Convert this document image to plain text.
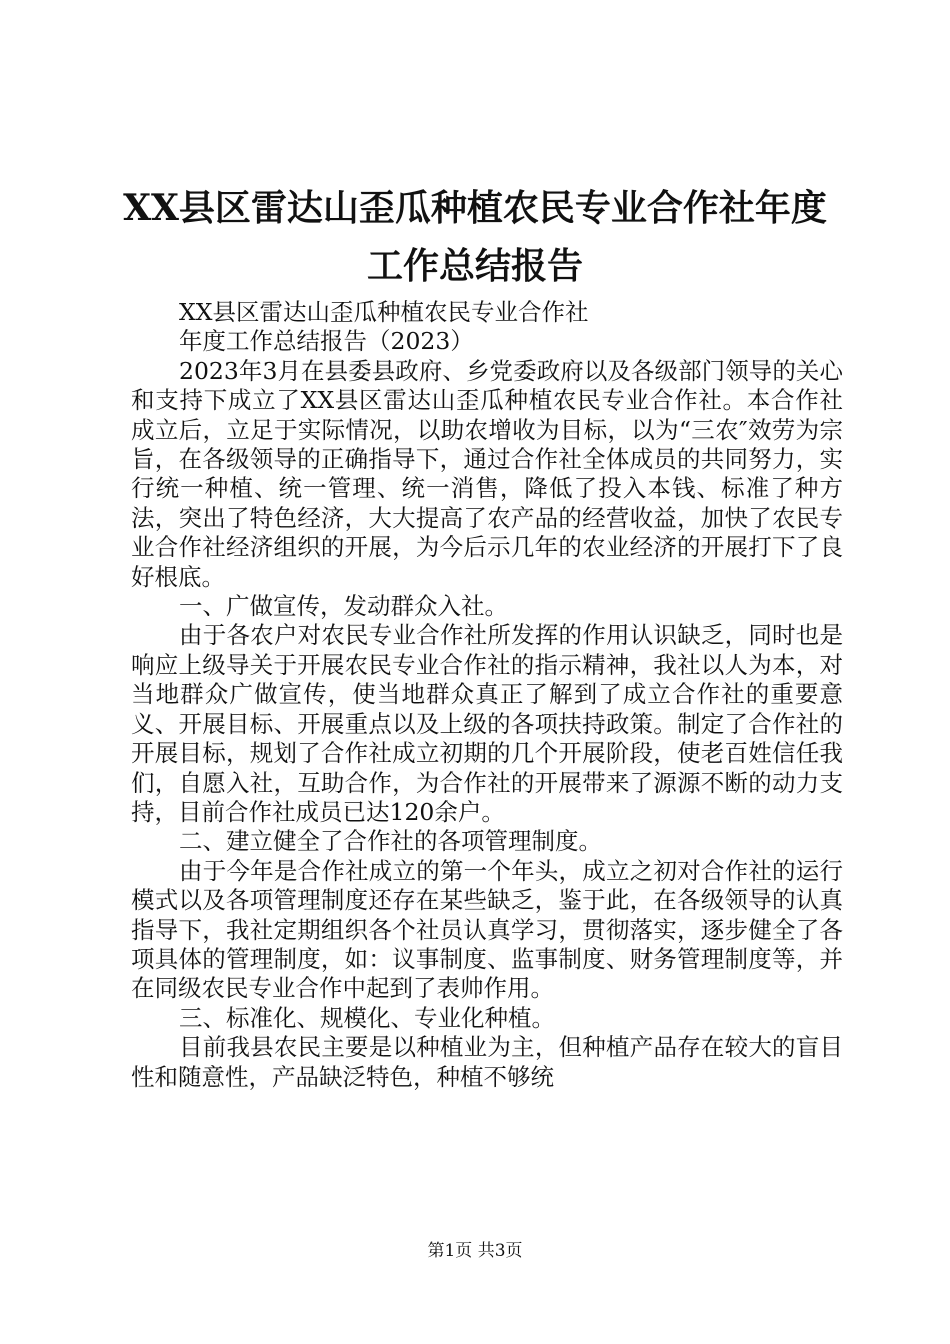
XX县区雷达山歪瓜种植农民专业合作社年度
工作总结报告

XX县区雷达山歪瓜种植农民专业合作社

年度工作总结报告（2023）

2023年3月在县委县政府、乡党委政府以及各级部门领导的关心和支持下成立了XX县区雷达山歪瓜种植农民专业合作社。本合作社成立后，立足于实际情况，以助农增收为目标，以为“三农″效劳为宗旨，在各级领导的正确指导下，通过合作社全体成员的共同努力，实行统一种植、统一管理、统一消售，降低了投入本钱、标准了种方法，突出了特色经济，大大提高了农产品的经营收益，加快了农民专业合作社经济组织的开展，为今后示几年的农业经济的开展打下了良好根底。

一、广做宣传，发动群众入社。

由于各农户对农民专业合作社所发挥的作用认识缺乏，同时也是响应上级导关于开展农民专业合作社的指示精神，我社以人为本，对当地群众广做宣传，使当地群众真正了解到了成立合作社的重要意义、开展目标、开展重点以及上级的各项扶持政策。制定了合作社的开展目标，规划了合作社成立初期的几个开展阶段，使老百姓信任我们，自愿入社，互助合作，为合作社的开展带来了源源不断的动力支持，目前合作社成员已达120余户。

二、建立健全了合作社的各项管理制度。

由于今年是合作社成立的第一个年头，成立之初对合作社的运行模式以及各项管理制度还存在某些缺乏，鉴于此，在各级领导的认真指导下，我社定期组织各个社员认真学习，贯彻落实，逐步健全了各项具体的管理制度，如：议事制度、监事制度、财务管理制度等，并在同级农民专业合作中起到了表帅作用。

三、标准化、规模化、专业化种植。

目前我县农民主要是以种植业为主，但种植产品存在较大的盲目性和随意性，产品缺泛特色，种植不够统

第1页 共3页
